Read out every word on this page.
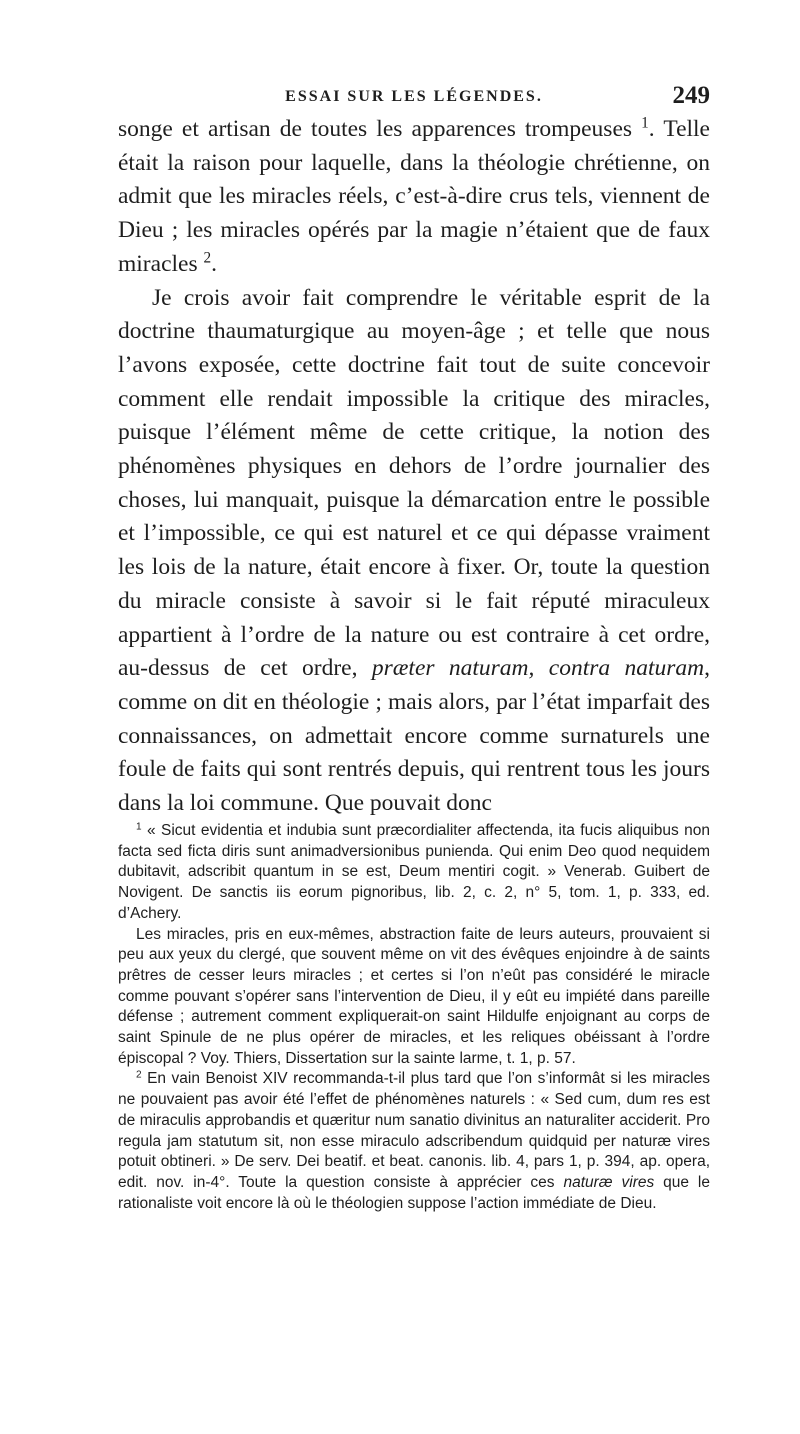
ESSAI SUR LES LÉGENDES.	249

songe et artisan de toutes les apparences trompeuses $^1$. Telle était la raison pour laquelle, dans la théologie chrétienne, on admit que les miracles réels, c’est-à-dire crus tels, viennent de Dieu ; les miracles opérés par la magie n’étaient que de faux miracles $^2$.

Je crois avoir fait comprendre le véritable esprit de la doctrine thaumaturgique au moyen-âge ; et telle que nous l’avons exposée, cette doctrine fait tout de suite concevoir comment elle rendait impossible la critique des miracles, puisque l’élément même de cette critique, la notion des phénomènes physiques en dehors de l’ordre journalier des choses, lui manquait, puisque la démarcation entre le possible et l’impossible, ce qui est naturel et ce qui dépasse vraiment les lois de la nature, était encore à fixer. Or, toute la question du miracle consiste à savoir si le fait réputé miraculeux appartient à l’ordre de la nature ou est contraire à cet ordre, au-dessus de cet ordre, præter naturam, contra naturam, comme on dit en théologie ; mais alors, par l’état imparfait des connaissances, on admettait encore comme surnaturels une foule de faits qui sont rentrés depuis, qui rentrent tous les jours dans la loi commune. Que pouvait donc

$^1$ « Sicut evidentia et indubia sunt præcordialiter affectenda, ita fucis aliquibus non facta sed ficta diris sunt animadversionibus punienda. Qui enim Deo quod nequidem dubitavit, adscribit quantum in se est, Deum mentiri cogit. » Venerab. Guibert de Novigent. De sanctis iis eorum pignoribus, lib. 2, c. 2, n° 5, tom. 1, p. 333, ed. d’Achery.

Les miracles, pris en eux-mêmes, abstraction faite de leurs auteurs, prouvaient si peu aux yeux du clergé, que souvent même on vit des évêques enjoindre à de saints prêtres de cesser leurs miracles ; et certes si l’on n’eût pas considéré le miracle comme pouvant s’opérer sans l’intervention de Dieu, il y eût eu impiété dans pareille défense ; autrement comment expliquerait-on saint Hildulfe enjoignant au corps de saint Spinule de ne plus opérer de miracles, et les reliques obéissant à l’ordre épiscopal ? Voy. Thiers, Dissertation sur la sainte larme, t. 1, p. 57.

$^2$ En vain Benoist XIV recommanda-t-il plus tard que l’on s’informât si les miracles ne pouvaient pas avoir été l’effet de phénomènes naturels : « Sed cum, dum res est de miraculis approbandis et quæritur num sanatio divinitus an naturaliter acciderit. Pro regula jam statutum sit, non esse miraculo adscribendum quidquid per naturæ vires potuit obtineri. » De serv. Dei beatif. et beat. canonis. lib. 4, pars 1, p. 394, ap. opera, edit. nov. in-4°. Toute la question consiste à apprécier ces naturæ vires que le rationaliste voit encore là où le théologien suppose l’action immédiate de Dieu.
